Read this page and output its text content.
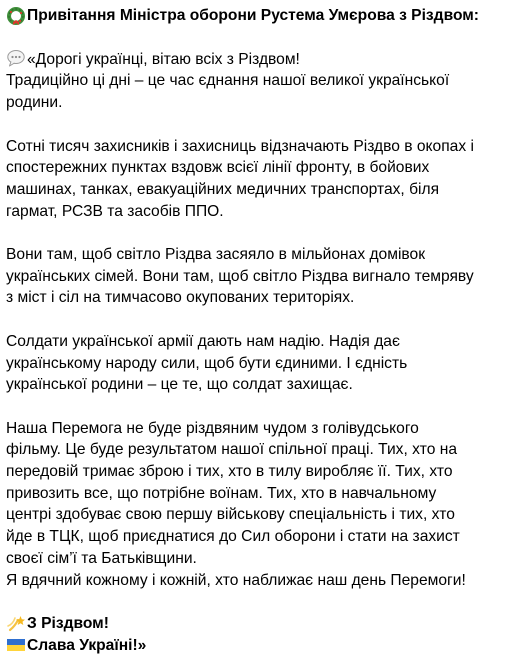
Привітання Міністра оборони Рустема Умєрова з Різдвом:
«Дорогі українці, вітаю всіх з Різдвом!
Традиційно ці дні – це час єднання нашої великої української
родини.
Сотні тисяч захисників і захисниць відзначають Різдво в окопах і
спостережних пунктах вздовж всієї лінії фронту, в бойових
машинах, танках, евакуаційних медичних транспортах, біля
гармат, РСЗВ та засобів ППО.
Вони там, щоб світло Різдва засяяло в мільйонах домівок
українських сімей. Вони там, щоб світло Різдва вигнало темряву
з міст і сіл на тимчасово окупованих територіях.
Солдати української армії дають нам надію. Надія дає
українському народу сили, щоб бути єдиними. І єдність
української родини – це те, що солдат захищає.
Наша Перемога не буде різдвяним чудом з голівудського
фільму. Це буде результатом нашої спільної праці. Тих, хто на
передовій тримає зброю і тих, хто в тилу виробляє її. Тих, хто
привозить все, що потрібне воїнам. Тих, хто в навчальному
центрі здобуває свою першу військову спеціальність і тих, хто
йде в ТЦК, щоб приєднатися до Сил оборони і стати на захист
своєї сім’ї та Батьківщини.
Я вдячний кожному і кожній, хто наближає наш день Перемоги!
З Різдвом!
Слава Україні!»
